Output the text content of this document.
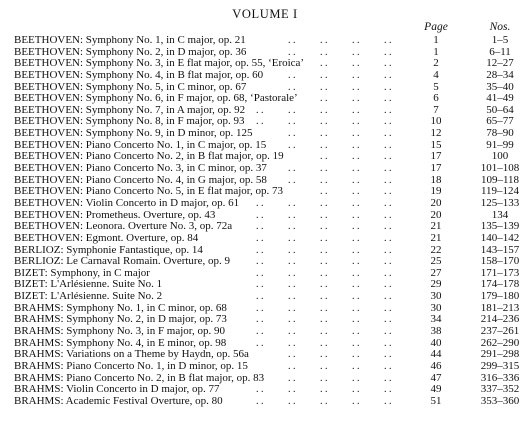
VOLUME I
Page	Nos.
. . . . . . . .
BEETHOVEN: Symphony No. 1, in C major, op. 21	1	1–5
. . . . . . . .
BEETHOVEN: Symphony No. 2, in D major, op. 36	1	6–11
. . . . . .
BEETHOVEN: Symphony No. 3, in E flat major, op. 55, ‘Eroica’	2	12–27
. . . . . . . .
BEETHOVEN: Symphony No. 4, in B flat major, op. 60	4	28–34
. . . . . . . .
BEETHOVEN: Symphony No. 5, in C minor, op. 67	5	35–40
. . . . . .
BEETHOVEN: Symphony No. 6, in F major, op. 68, ‘Pastorale’	6	41–49
. . . . . . . . . .
BEETHOVEN: Symphony No. 7, in A major, op. 92	7	50–64
. . . . . . . . . .
BEETHOVEN: Symphony No. 8, in F major, op. 93	10	65–77
. . . . . . . .
BEETHOVEN: Symphony No. 9, in D minor, op. 125	12	78–90
. . . . . . . .
BEETHOVEN: Piano Concerto No. 1, in C major, op. 15	15	91–99
. . . . . .
BEETHOVEN: Piano Concerto No. 2, in B flat major, op. 19	17	100
. . . . . . . .
BEETHOVEN: Piano Concerto No. 3, in C minor, op. 37	17	101–108
. . . . . . . .
BEETHOVEN: Piano Concerto No. 4, in G major, op. 58	18	109–118
. . . . . .
BEETHOVEN: Piano Concerto No. 5, in E flat major, op. 73	19	119–124
. . . . . . . . . .
BEETHOVEN: Violin Concerto in D major, op. 61	20	125–133
. . . . . . . . . .
BEETHOVEN: Prometheus. Overture, op. 43	20	134
. . . . . . . . . .
BEETHOVEN: Leonora. Overture No. 3, op. 72a	21	135–139
. . . . . . . . . .
BEETHOVEN: Egmont. Overture, op. 84	21	140–142
. . . . . . . . . .
BERLIOZ: Symphonie Fantastique, op. 14	22	143–157
. . . . . . . . . .
BERLIOZ: Le Carnaval Romain. Overture, op. 9	25	158–170
. . . . . . . . . .
BIZET: Symphony, in C major	27	171–173
. . . . . . . . . .
BIZET: L'Arlésienne. Suite No. 1	29	174–178
. . . . . . . . . .
BIZET: L'Arlésienne. Suite No. 2	30	179–180
. . . . . . . . . .
BRAHMS: Symphony No. 1, in C minor, op. 68	30	181–213
. . . . . . . . . .
BRAHMS: Symphony No. 2, in D major, op. 73	34	214–236
. . . . . . . . . .
BRAHMS: Symphony No. 3, in F major, op. 90	38	237–261
. . . . . . . . . .
BRAHMS: Symphony No. 4, in E minor, op. 98	40	262–290
. . . . . . . .
BRAHMS: Variations on a Theme by Haydn, op. 56a	44	291–298
. . . . . . . .
BRAHMS: Piano Concerto No. 1, in D minor, op. 15	46	299–315
. . . . . . . .
BRAHMS: Piano Concerto No. 2, in B flat major, op. 83	47	316–336
. . . . . . . . . .
BRAHMS: Violin Concerto in D major, op. 77	49	337–352
. . . . . . . . . .
BRAHMS: Academic Festival Overture, op. 80	51	353–360
